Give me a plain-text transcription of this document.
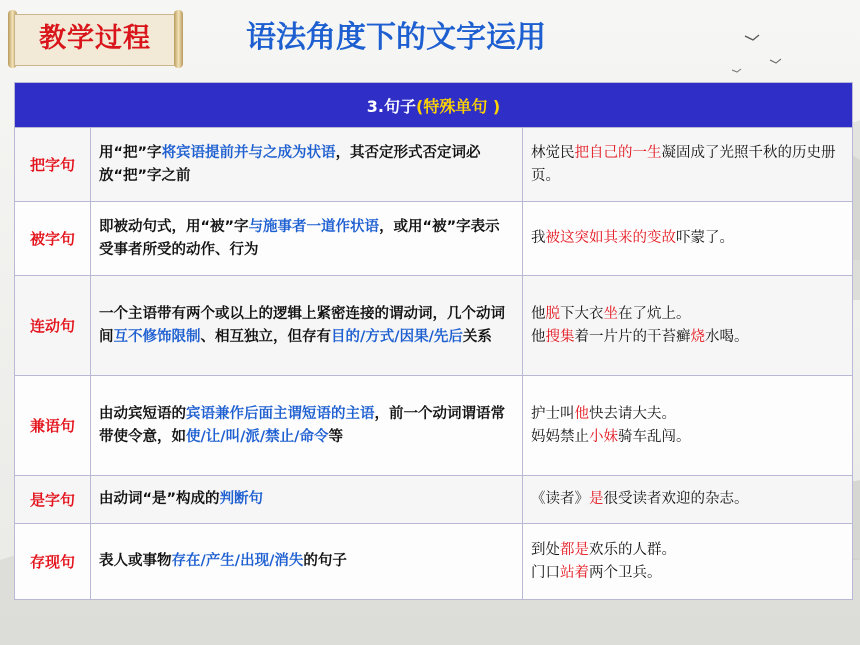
教学过程	语法角度下的文字运用
3.句子(特殊单句 )		
把字句	用“把”字将宾语提前并与之成为状语，其否定形式否定词必放“把”字之前	林觉民把自己的一生凝固成了光照千秋的历史册页。

被字句	即被动句式，用“被”字与施事者一道作状语，或用“被”字表示受事者所受的动作、行为	我被这突如其来的变故吓蒙了。

连动句	一个主语带有两个或以上的逻辑上紧密连接的谓动词，几个动词间互不修饰限制、相互独立，但存有目的/方式/因果/先后关系	他脱下大衣坐在了炕上。
他搜集着一片片的干苔癣烧水喝。

兼语句	由动宾短语的宾语兼作后面主谓短语的主语，前一个动词谓语常带使令意，如使/让/叫/派/禁止/命令等	护士叫他快去请大夫。
妈妈禁止小妹骑车乱闯。

是字句	由动词“是”构成的判断句	《读者》是很受读者欢迎的杂志。

存现句	表人或事物存在/产生/出现/消失的句子	到处都是欢乐的人群。
门口站着两个卫兵。
